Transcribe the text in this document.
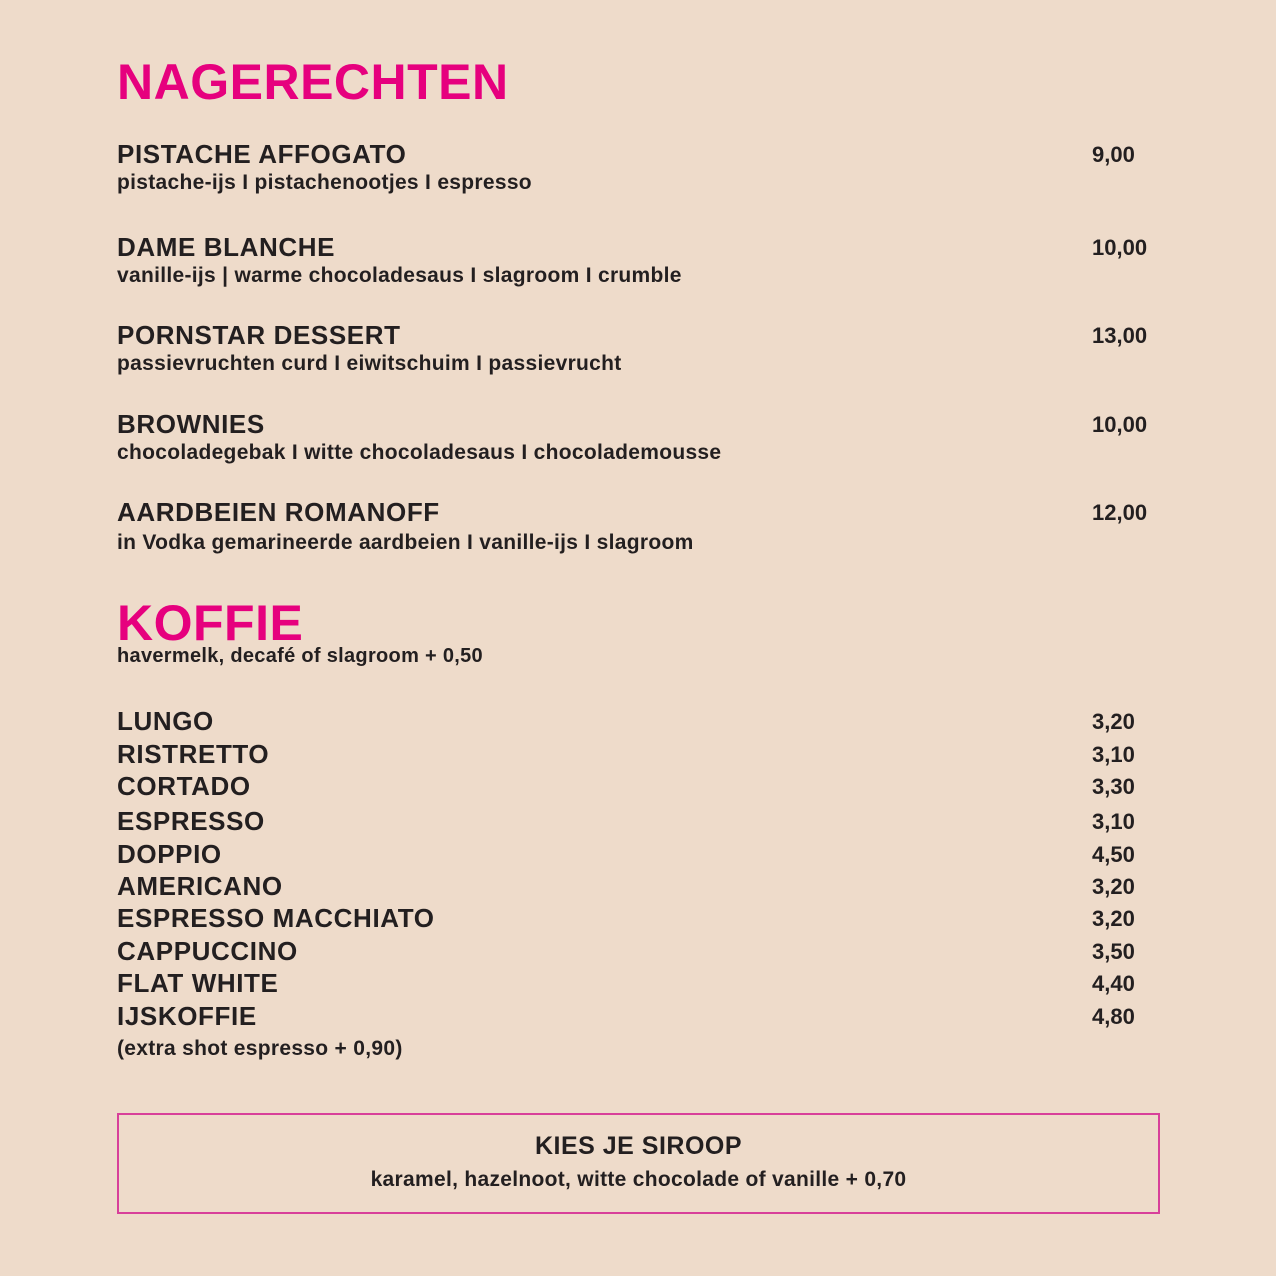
NAGERECHTEN
PISTACHE AFFOGATO
pistache-ijs I pistachenootjes I espresso
9,00
DAME BLANCHE
vanille-ijs | warme chocoladesaus I slagroom I crumble
10,00
PORNSTAR DESSERT
passievruchten curd I eiwitschuim I passievrucht
13,00
BROWNIES
chocoladegebak I witte chocoladesaus I chocolademousse
10,00
AARDBEIEN ROMANOFF
in Vodka gemarineerde aardbeien I vanille-ijs I slagroom
12,00
KOFFIE
havermelk, decafé of slagroom + 0,50
LUNGO	3,20
RISTRETTO	3,10
CORTADO	3,30
ESPRESSO	3,10
DOPPIO	4,50
AMERICANO	3,20
ESPRESSO MACCHIATO	3,20
CAPPUCCINO	3,50
FLAT WHITE	4,40
IJSKOFFIE	4,80
(extra shot espresso + 0,90)
KIES JE SIROOP
karamel, hazelnoot, witte chocolade of vanille + 0,70
